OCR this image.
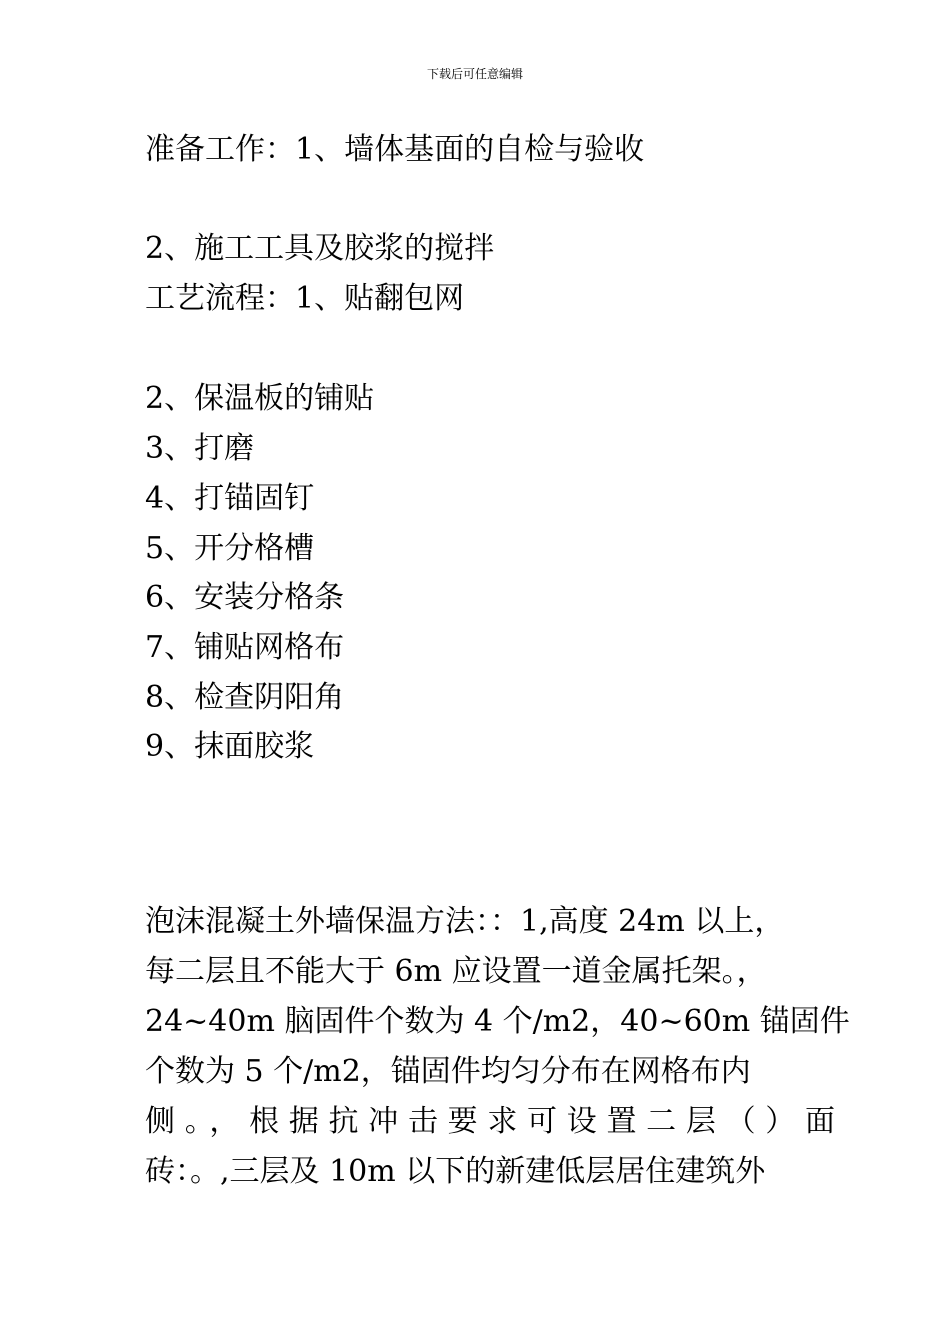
下载后可任意编辑
准备工作：1、墙体基面的自检与验收
2、施工工具及胶浆的搅拌
工艺流程：1、贴翻包网
2、保温板的铺贴
3、打磨
4、打锚固钉
5、开分格槽
6、安装分格条
7、铺贴网格布
8、检查阴阳角
9、抹面胶浆
泡沫混凝土外墙保温方法：：1,高度 24m 以上，
每二层且不能大于 6m 应设置一道金属托架。，
24~40m 脑固件个数为 4 个/m2，40~60m 锚固件
个数为 5 个/m2，锚固件均匀分布在网格布内
侧。，根据抗冲击要求可设置二层（）面
砖：。,三层及 10m 以下的新建低层居住建筑外
